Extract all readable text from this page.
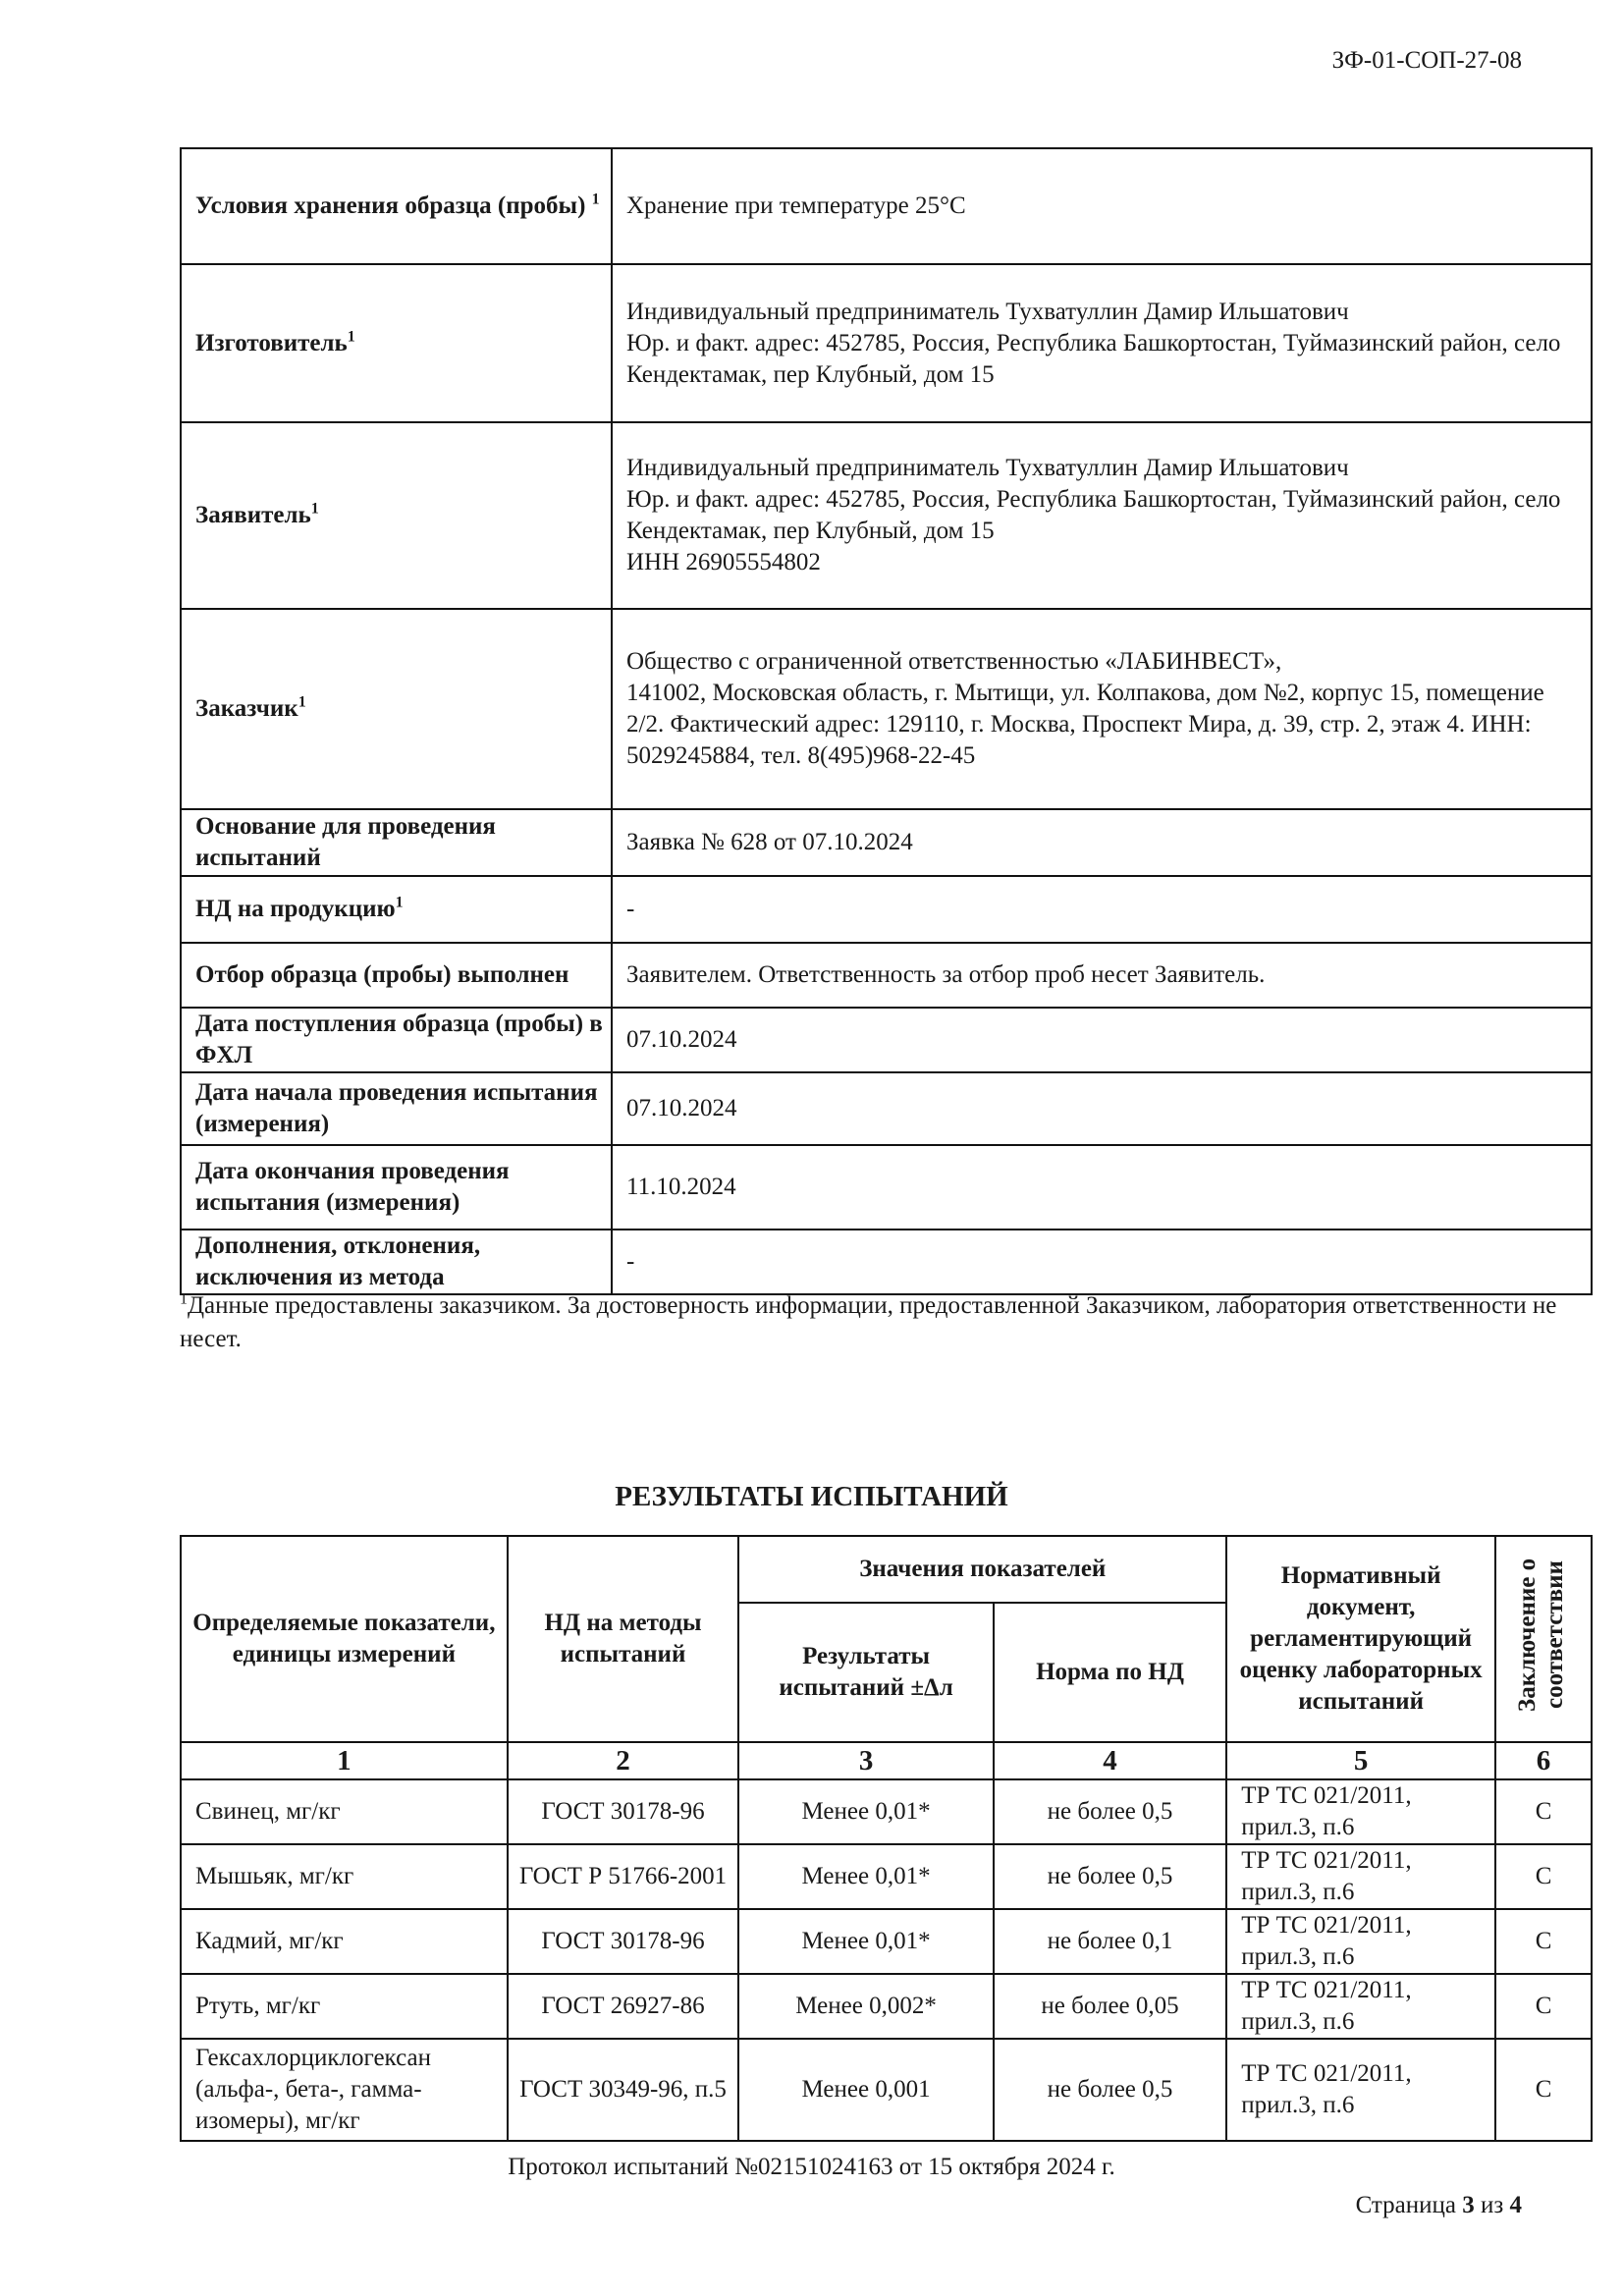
ЗФ-01-СОП-27-08
Условия хранения образца (пробы) $^1$	Хранение при температуре 25°С

Изготовитель$^1$	Индивидуальный предприниматель Тухватуллин Дамир Ильшатович
Юр. и факт. адрес: 452785, Россия, Республика Башкортостан, Туймазинский район, село Кендектамак, пер Клубный, дом 15

Заявитель$^1$	Индивидуальный предприниматель Тухватуллин Дамир Ильшатович
Юр. и факт. адрес: 452785, Россия, Республика Башкортостан, Туймазинский район, село Кендектамак, пер Клубный, дом 15
ИНН 26905554802

Заказчик$^1$	Общество с ограниченной ответственностью «ЛАБИНВЕСТ»,
141002, Московская область, г. Мытищи, ул. Колпакова, дом №2, корпус 15, помещение 2/2. Фактический адрес: 129110, г. Москва, Проспект Мира, д. 39, стр. 2, этаж 4. ИНН: 5029245884, тел. 8(495)968-22-45

Основание для проведения испытаний	Заявка № 628 от 07.10.2024

НД на продукцию$^1$	-

Отбор образца (пробы) выполнен	Заявителем. Ответственность за отбор проб несет Заявитель.

Дата поступления образца (пробы) в ФХЛ	07.10.2024

Дата начала проведения испытания (измерения)	07.10.2024

Дата окончания проведения испытания (измерения)	11.10.2024

Дополнения, отклонения, исключения из метода	-
$^1$Данные предоставлены заказчиком. За достоверность информации, предоставленной Заказчиком, лаборатория ответственности не несет.
РЕЗУЛЬТАТЫ ИСПЫТАНИЙ
Определяемые показатели, единицы измерений	НД на методы испытаний	Значения показателей		Нормативный документ, регламентирующий оценку лабораторных испытаний	Заключение о соответствии
		Результаты испытаний ±Δл	Норма по НД		
1	2	3	4	5	6
Свинец, мг/кг	ГОСТ 30178-96	Менее 0,01*	не более 0,5	ТР ТС 021/2011, прил.3, п.6	С
Мышьяк, мг/кг	ГОСТ Р 51766-2001	Менее 0,01*	не более 0,5	ТР ТС 021/2011, прил.3, п.6	С
Кадмий, мг/кг	ГОСТ 30178-96	Менее 0,01*	не более 0,1	ТР ТС 021/2011, прил.3, п.6	С
Ртуть, мг/кг	ГОСТ 26927-86	Менее 0,002*	не более 0,05	ТР ТС 021/2011, прил.3, п.6	С
Гексахлорциклогексан (альфа-, бета-, гамма-изомеры), мг/кг	ГОСТ 30349-96, п.5	Менее 0,001	не более 0,5	ТР ТС 021/2011, прил.3, п.6	С
Протокол испытаний №02151024163 от 15 октября 2024 г.
Страница 3 из 4
